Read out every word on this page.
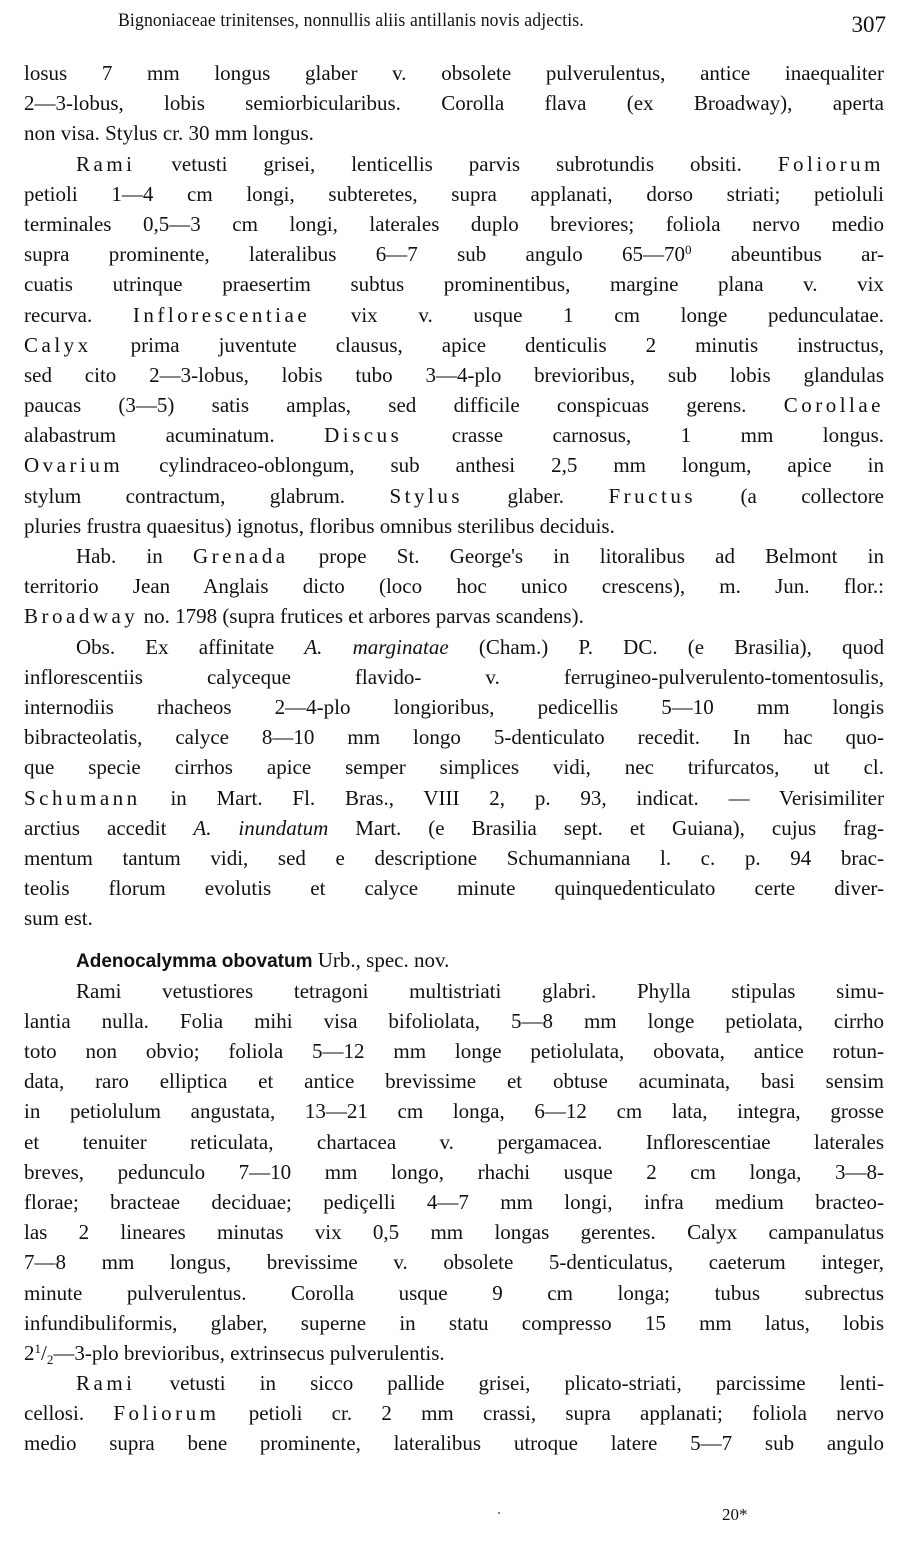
Bignoniaceae trinitenses, nonnullis aliis antillanis novis adjectis.	307
losus 7 mm longus glaber v. obsolete pulverulentus, antice inaequaliter
2—3-lobus, lobis semiorbicularibus. Corolla flava (ex Broadway), aperta
non visa. Stylus cr. 30 mm longus.
Rami vetusti grisei, lenticellis parvis subrotundis obsiti. Foliorum
petioli 1—4 cm longi, subteretes, supra applanati, dorso striati; petioluli
terminales 0,5—3 cm longi, laterales duplo breviores; foliola nervo medio
supra prominente, lateralibus 6—7 sub angulo $65—70^0$ abeuntibus ar-
cuatis utrinque praesertim subtus prominentibus, margine plana v. vix
recurva. Inflorescentiae vix v. usque 1 cm longe pedunculatae.
Calyx prima juventute clausus, apice denticulis 2 minutis instructus,
sed cito 2—3-lobus, lobis tubo 3—4-plo brevioribus, sub lobis glandulas
paucas (3—5) satis amplas, sed difficile conspicuas gerens. Corollae
alabastrum acuminatum. Discus crasse carnosus, 1 mm longus.
Ovarium cylindraceo-oblongum, sub anthesi 2,5 mm longum, apice in
stylum contractum, glabrum. Stylus glaber. Fructus (a collectore
pluries frustra quaesitus) ignotus, floribus omnibus sterilibus deciduis.
Hab. in Grenada prope St. George's in litoralibus ad Belmont in
territorio Jean Anglais dicto (loco hoc unico crescens), m. Jun. flor.:
Broadway no. 1798 (supra frutices et arbores parvas scandens).
Obs. Ex affinitate A. marginatae (Cham.) P. DC. (e Brasilia), quod
inflorescentiis calyceque flavido- v. ferrugineo-pulverulento-tomentosulis,
internodiis rhacheos 2—4-plo longioribus, pedicellis 5—10 mm longis
bibracteolatis, calyce 8—10 mm longo 5-denticulato recedit. In hac quo-
que specie cirrhos apice semper simplices vidi, nec trifurcatos, ut cl.
Schumann in Mart. Fl. Bras., VIII 2, p. 93, indicat. — Verisimiliter
arctius accedit A. inundatum Mart. (e Brasilia sept. et Guiana), cujus frag-
mentum tantum vidi, sed e descriptione Schumanniana l. c. p. 94 brac-
teolis florum evolutis et calyce minute quinquedenticulato certe diver-
sum est.
Adenocalymma obovatum Urb., spec. nov.
Rami vetustiores tetragoni multistriati glabri. Phylla stipulas simu-
lantia nulla. Folia mihi visa bifoliolata, 5—8 mm longe petiolata, cirrho
toto non obvio; foliola 5—12 mm longe petiolulata, obovata, antice rotun-
data, raro elliptica et antice brevissime et obtuse acuminata, basi sensim
in petiolulum angustata, 13—21 cm longa, 6—12 cm lata, integra, grosse
et tenuiter reticulata, chartacea v. pergamacea. Inflorescentiae laterales
breves, pedunculo 7—10 mm longo, rhachi usque 2 cm longa, 3—8-
florae; bracteae deciduae; pediçelli 4—7 mm longi, infra medium bracteo-
las 2 lineares minutas vix 0,5 mm longas gerentes. Calyx campanulatus
7—8 mm longus, brevissime v. obsolete 5-denticulatus, caeterum integer,
minute pulverulentus. Corolla usque 9 cm longa; tubus subrectus
infundibuliformis, glaber, superne in statu compresso 15 mm latus, lobis
$2^1/_2—3$-plo brevioribus, extrinsecus pulverulentis.
Rami vetusti in sicco pallide grisei, plicato-striati, parcissime lenti-
cellosi. Foliorum petioli cr. 2 mm crassi, supra applanati; foliola nervo
medio supra bene prominente, lateralibus utroque latere 5—7 sub angulo
20*
